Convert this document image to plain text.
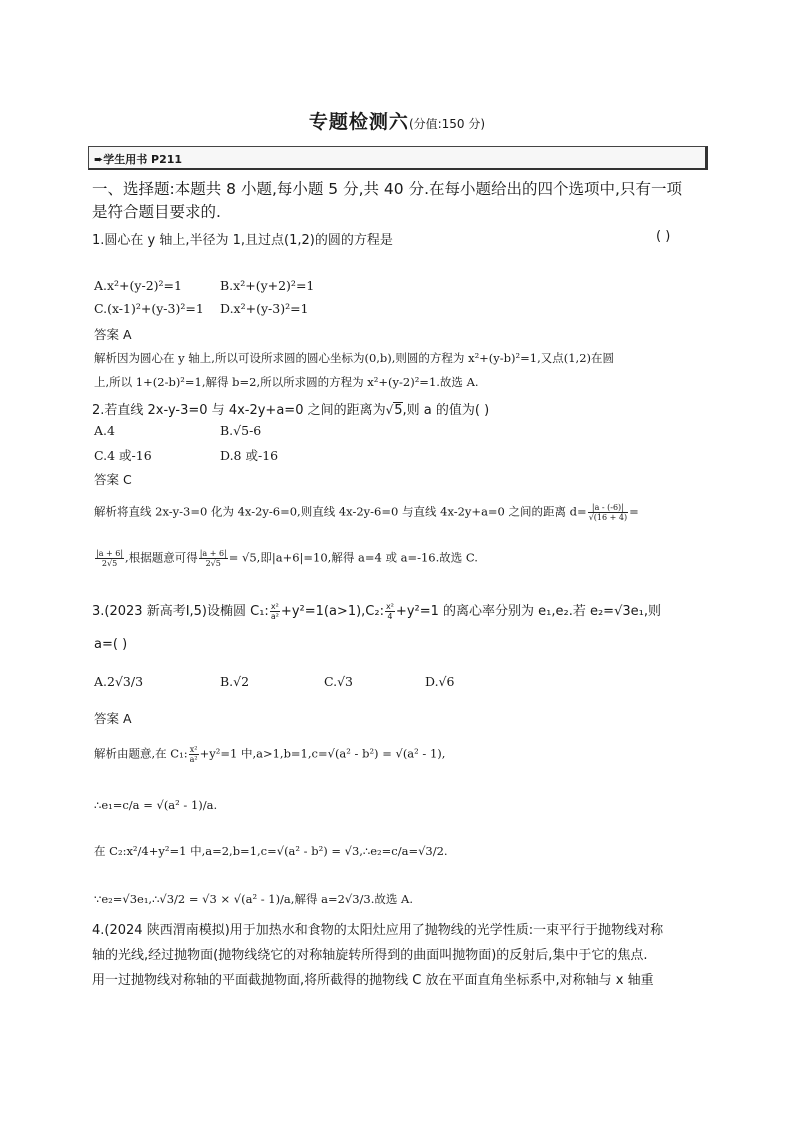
专题检测六(分值:150 分)
➨学生用书 P211
一、选择题:本题共 8 小题,每小题 5 分,共 40 分.在每小题给出的四个选项中,只有一项
是符合题目要求的.
1.圆心在 y 轴上,半径为 1,且过点(1,2)的圆的方程是	( )
A.x²+(y-2)²=1	B.x²+(y+2)²=1
C.(x-1)²+(y-3)²=1 D.x²+(y-3)²=1
答案 A
解析因为圆心在 y 轴上,所以可设所求圆的圆心坐标为(0,b),则圆的方程为 x²+(y-b)²=1,又点(1,2)在圆
上,所以 1+(2-b)²=1,解得 b=2,所以所求圆的方程为 x²+(y-2)²=1.故选 A.
2.若直线 2x-y-3=0 与 4x-2y+a=0 之间的距离为√5,则 a 的值为( )
A.4	B.√5-6
C.4 或-16	D.8 或-16
答案 C
解析将直线 2x-y-3=0 化为 4x-2y-6=0,则直线 4x-2y-6=0 与直线 4x-2y+a=0 之间的距离 $d= \frac{|a - (-6)|}{√(16 + 4)}$ =
$\frac{|a + 6|}{2√5}$ ,根据题意可得 $\frac{|a + 6|}{2√5} = √5$,即|a+6|=10,解得 a=4 或 a=-16.故选 C.
3.(2023 新高考Ⅰ,5)设椭圆 C₁: $\frac{\text{x²}}{\text{a²}} +y^2=1(a>1),C_2$: $\frac{\text{x²}}{4} +y^2=1$ 的离心率分别为 e₁,e₂.若 e₂=√3e₁,则
a=( )
A.2√3/3	B.√2	C.√3	D.√6
答案 A
解析由题意,在 C₁: $\frac{\text{x²}}{\text{a²}} +y^2=1$ 中,a>1,b=1,c=√(a² - b²) = √(a² - 1),
∴e₁=c/a = √(a² - 1)/a.
在 C₂:x²/4+y²=1 中,a=2,b=1,c=√(a² - b²) = √3,∴e₂=c/a=√3/2.
∵e₂=√3e₁,∴√3/2 = √3 × √(a² - 1)/a,解得 a=2√3/3.故选 A.
4.(2024 陕西渭南模拟)用于加热水和食物的太阳灶应用了抛物线的光学性质:一束平行于抛物线对称
轴的光线,经过抛物面(抛物线绕它的对称轴旋转所得到的曲面叫抛物面)的反射后,集中于它的焦点.
用一过抛物线对称轴的平面截抛物面,将所截得的抛物线 C 放在平面直角坐标系中,对称轴与 x 轴重
